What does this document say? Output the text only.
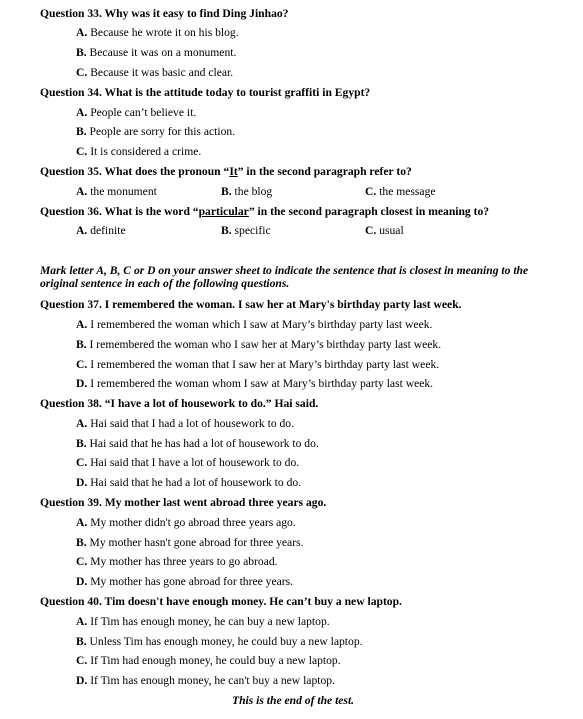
Question 33. Why was it easy to find Ding Jinhao?
A. Because he wrote it on his blog.
B. Because it was on a monument.
C. Because it was basic and clear.
Question 34. What is the attitude today to tourist graffiti in Egypt?
A. People can’t believe it.
B. People are sorry for this action.
C. It is considered a crime.
Question 35. What does the pronoun “It” in the second paragraph refer to?
A. the monument	B. the blog	C. the message
Question 36. What is the word “particular” in the second paragraph closest in meaning to?
A. definite	B. specific	C. usual
Mark letter A, B, C or D on your answer sheet to indicate the sentence that is closest in meaning to the original sentence in each of the following questions.
Question 37. I remembered the woman. I saw her at Mary's birthday party last week.
A. I remembered the woman which I saw at Mary’s birthday party last week.
B. I remembered the woman who I saw her at Mary’s birthday party last week.
C. I remembered the woman that I saw her at Mary’s birthday party last week.
D. I remembered the woman whom I saw at Mary’s birthday party last week.
Question 38. “I have a lot of housework to do.” Hai said.
A. Hai said that I had a lot of housework to do.
B. Hai said that he has had a lot of housework to do.
C. Hai said that I have a lot of housework to do.
D. Hai said that he had a lot of housework to do.
Question 39. My mother last went abroad three years ago.
A. My mother didn't go abroad three years ago.
B. My mother hasn't gone abroad for three years.
C. My mother has three years to go abroad.
D. My mother has gone abroad for three years.
Question 40. Tim doesn't have enough money. He can’t buy a new laptop.
A. If Tim has enough money, he can buy a new laptop.
B. Unless Tim has enough money, he could buy a new laptop.
C. If Tim had enough money, he could buy a new laptop.
D. If Tim has enough money, he can't buy a new laptop.
This is the end of the test.
